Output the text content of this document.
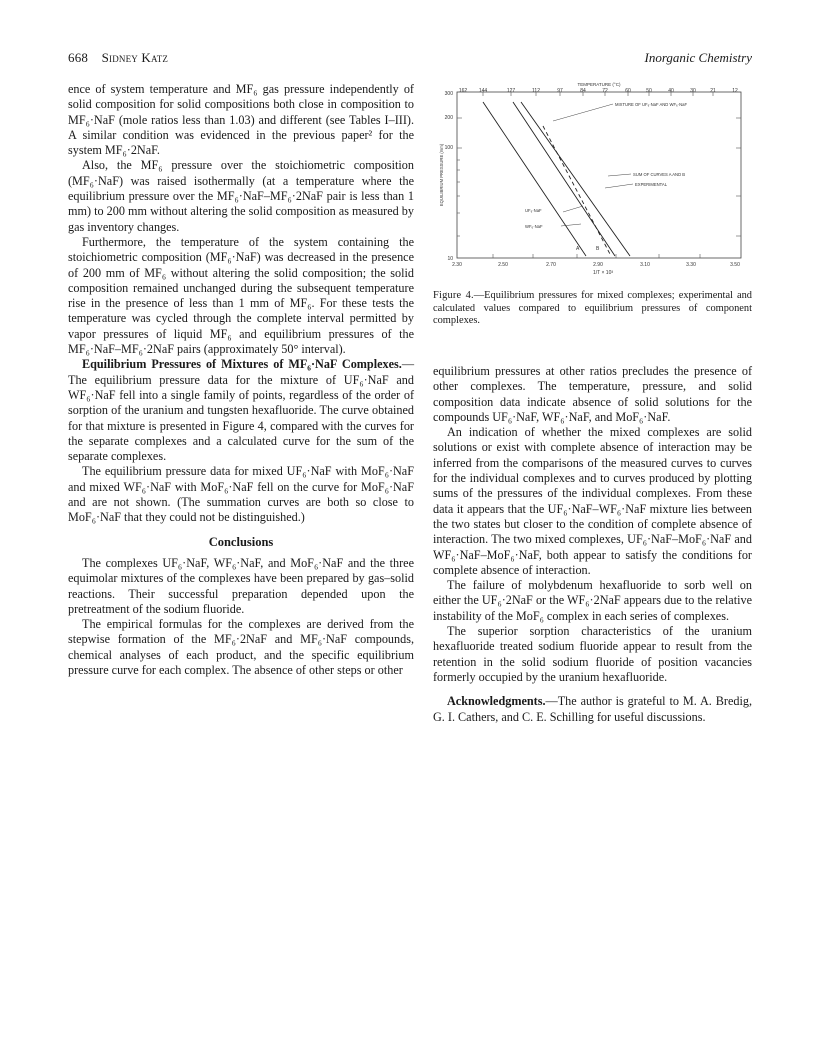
668 Sidney Katz	Inorganic Chemistry

ence of system temperature and MF₆ gas pressure independently of solid composition for solid compositions both close in composition to MF₆·NaF (mole ratios less than 1.03) and different (see Tables I–III). A similar condition was evidenced in the previous paper² for the system MF₆·2NaF.

Also, the MF₆ pressure over the stoichiometric composition (MF₆·NaF) was raised isothermally (at a temperature where the equilibrium pressure over the MF₆·NaF–MF₆·2NaF pair is less than 1 mm) to 200 mm without altering the solid composition as measured by gas inventory changes.

Furthermore, the temperature of the system containing the stoichiometric composition (MF₆·NaF) was decreased in the presence of 200 mm of MF₆ without altering the solid composition; the solid composition remained unchanged during the subsequent temperature rise in the presence of less than 1 mm of MF₆. For these tests the temperature was cycled through the complete interval permitted by vapor pressures of liquid MF₆ and equilibrium pressures of the MF₆·NaF–MF₆·2NaF pairs (approximately 50° interval).

Equilibrium Pressures of Mixtures of MF₆·NaF Complexes.—The equilibrium pressure data for the mixture of UF₆·NaF and WF₆·NaF fell into a single family of points, regardless of the order of sorption of the uranium and tungsten hexafluoride. The curve obtained for that mixture is presented in Figure 4, compared with the curves for the separate complexes and a calculated curve for the sum of the separate complexes.

The equilibrium pressure data for mixed UF₆·NaF with MoF₆·NaF and mixed WF₆·NaF with MoF₆·NaF fell on the curve for MoF₆·NaF and are not shown. (The summation curves are both so close to MoF₆·NaF that they could not be distinguished.)

Conclusions

The complexes UF₆·NaF, WF₆·NaF, and MoF₆·NaF and the three equimolar mixtures of the complexes have been prepared by gas–solid reactions. Their successful preparation depended upon the pretreatment of the sodium fluoride.

The empirical formulas for the complexes are derived from the stepwise formation of the MF₆·2NaF and MF₆·NaF compounds, chemical analyses of each product, and the specific equilibrium pressure curve for each complex. The absence of other steps or other

TEMPERATURE (°C)
162 144	127	112	97	84	72	60	50	40	30	21	12
EQUILIBRIUM PRESSURE (mm)
300
200
100
10
2.30	2.50	2.70	2.90	3.10	3.30	3.50
1/T × 10³
MIXTURE OF UF₆·NaF AND WF₆·NaF
SUM OF CURVES A AND B
EXPERIMENTAL
UF₆·NaF
WF₆·NaF
A	B
Figure 4.—Equilibrium pressures for mixed complexes; experimental and calculated values compared to equilibrium pressures of component complexes.

equilibrium pressures at other ratios precludes the presence of other complexes. The temperature, pressure, and solid composition data indicate absence of solid solutions for the compounds UF₆·NaF, WF₆·NaF, and MoF₆·NaF.

An indication of whether the mixed complexes are solid solutions or exist with complete absence of interaction may be inferred from the comparisons of the measured curves to curves for the individual complexes and to curves produced by plotting sums of the pressures of the individual complexes. From these data it appears that the UF₆·NaF–WF₆·NaF mixture lies between the two states but closer to the condition of complete absence of interaction. The two mixed complexes, UF₆·NaF–MoF₆·NaF and WF₆·NaF–MoF₆·NaF, both appear to satisfy the conditions for complete absence of interaction.

The failure of molybdenum hexafluoride to sorb well on either the UF₆·2NaF or the WF₆·2NaF appears due to the relative instability of the MoF₆ complex in each series of complexes.

The superior sorption characteristics of the uranium hexafluoride treated sodium fluoride appear to result from the retention in the solid sodium fluoride of position vacancies formerly occupied by the uranium hexafluoride.

Acknowledgments.—The author is grateful to M. A. Bredig, G. I. Cathers, and C. E. Schilling for useful discussions.
